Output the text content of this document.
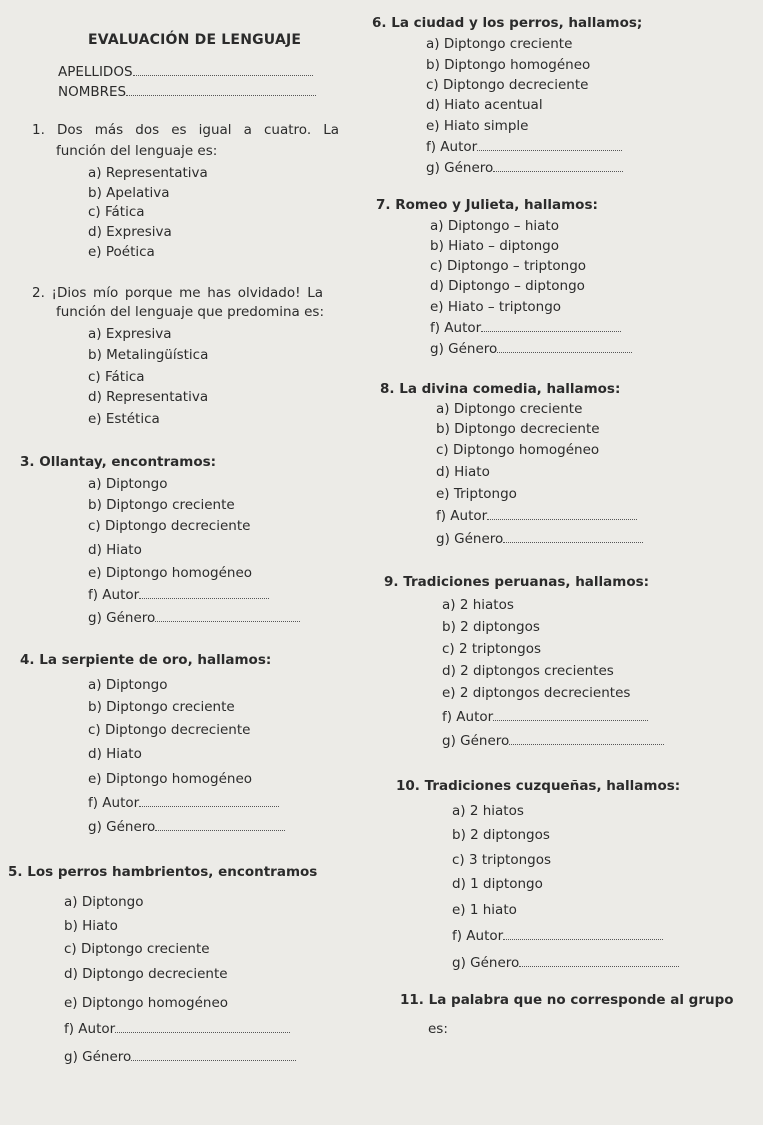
EVALUACIÓN DE LENGUAJE
APELLIDOS
NOMBRES
1. Dos más dos es igual a cuatro. La
función del lenguaje es:
a) Representativa
b) Apelativa
c) Fática
d) Expresiva
e) Poética
2. ¡Dios mío porque me has olvidado! La
función del lenguaje que predomina es:
a) Expresiva
b) Metalingüística
c) Fática
d) Representativa
e) Estética
3. Ollantay, encontramos:
a) Diptongo
b) Diptongo creciente
c) Diptongo decreciente
d) Hiato
e) Diptongo homogéneo
f) Autor
g) Género
4. La serpiente de oro, hallamos:
a) Diptongo
b) Diptongo creciente
c) Diptongo decreciente
d) Hiato
e) Diptongo homogéneo
f) Autor
g) Género
5. Los perros hambrientos, encontramos
a) Diptongo
b) Hiato
c) Diptongo creciente
d) Diptongo decreciente
e) Diptongo homogéneo
f) Autor
g) Género
6. La ciudad y los perros, hallamos;
a) Diptongo creciente
b) Diptongo homogéneo
c) Diptongo decreciente
d) Hiato acentual
e) Hiato simple
f) Autor
g) Género
7. Romeo y Julieta, hallamos:
a) Diptongo – hiato
b) Hiato – diptongo
c) Diptongo – triptongo
d) Diptongo – diptongo
e) Hiato – triptongo
f) Autor
g) Género
8. La divina comedia, hallamos:
a) Diptongo creciente
b) Diptongo decreciente
c) Diptongo homogéneo
d) Hiato
e) Triptongo
f) Autor
g) Género
9. Tradiciones peruanas, hallamos:
a) 2 hiatos
b) 2 diptongos
c) 2 triptongos
d) 2 diptongos crecientes
e) 2 diptongos decrecientes
f) Autor
g) Género
10. Tradiciones cuzqueñas, hallamos:
a) 2 hiatos
b) 2 diptongos
c) 3 triptongos
d) 1 diptongo
e) 1 hiato
f) Autor
g) Género
11. La palabra que no corresponde al grupo
es:
